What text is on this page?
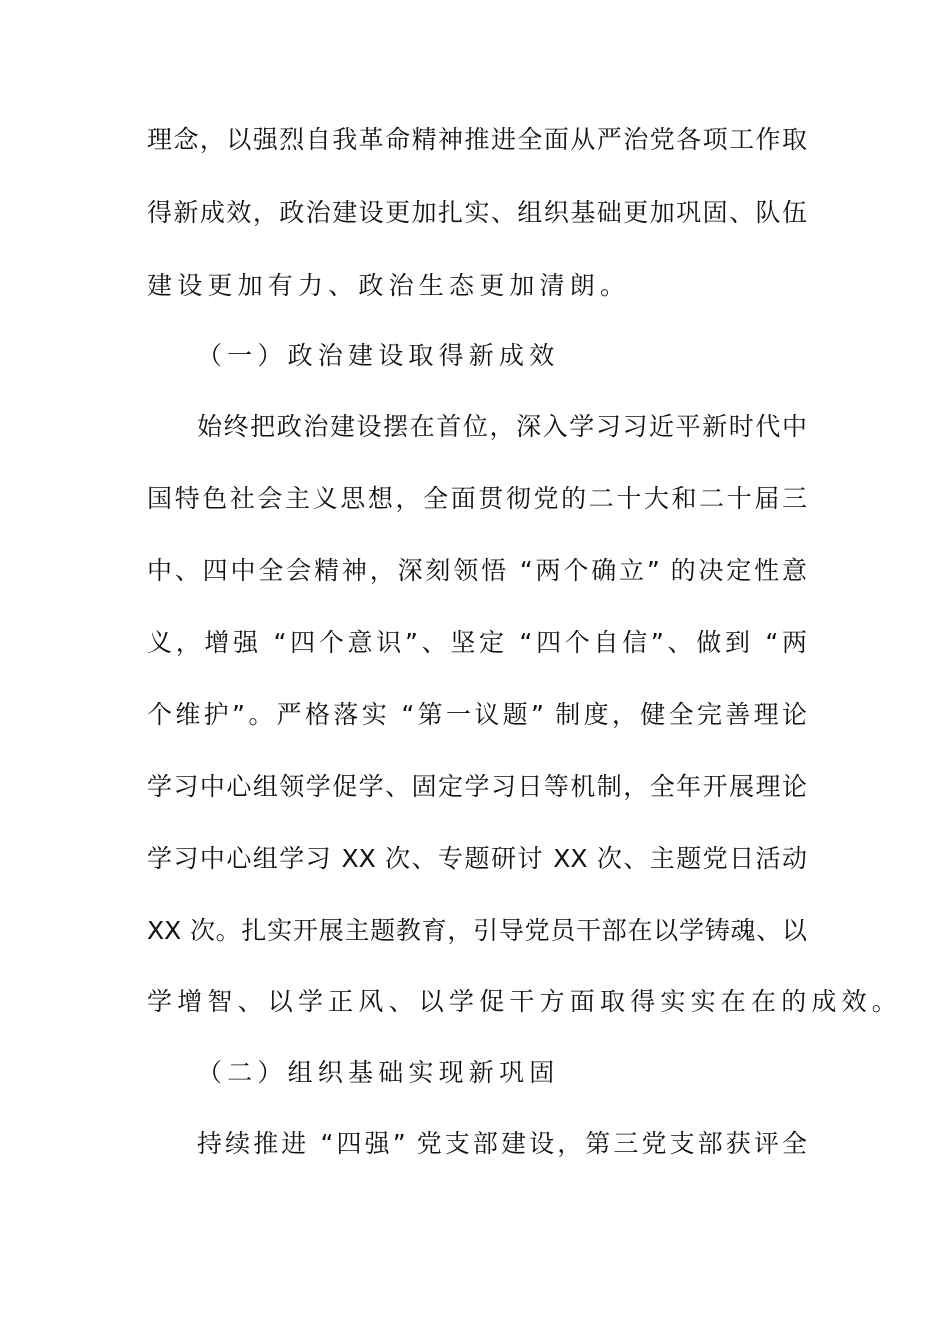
理念，以强烈自我革命精神推进全面从严治党各项工作取
得新成效，政治建设更加扎实、组织基础更加巩固、队伍
建设更加有力、政治生态更加清朗。
（一）政治建设取得新成效
始终把政治建设摆在首位，深入学习习近平新时代中
国特色社会主义思想，全面贯彻党的二十大和二十届三
中、四中全会精神，深刻领悟 “两个确立” 的决定性意
义，增强 “四个意识”、坚定 “四个自信”、做到 “两
个维护”。严格落实 “第一议题” 制度，健全完善理论
学习中心组领学促学、固定学习日等机制，全年开展理论
学习中心组学习 XX 次、专题研讨 XX 次、主题党日活动
XX 次。扎实开展主题教育，引导党员干部在以学铸魂、以
学增智、以学正风、以学促干方面取得实实在在的成效。
（二）组织基础实现新巩固
持续推进 “四强” 党支部建设，第三党支部获评全
